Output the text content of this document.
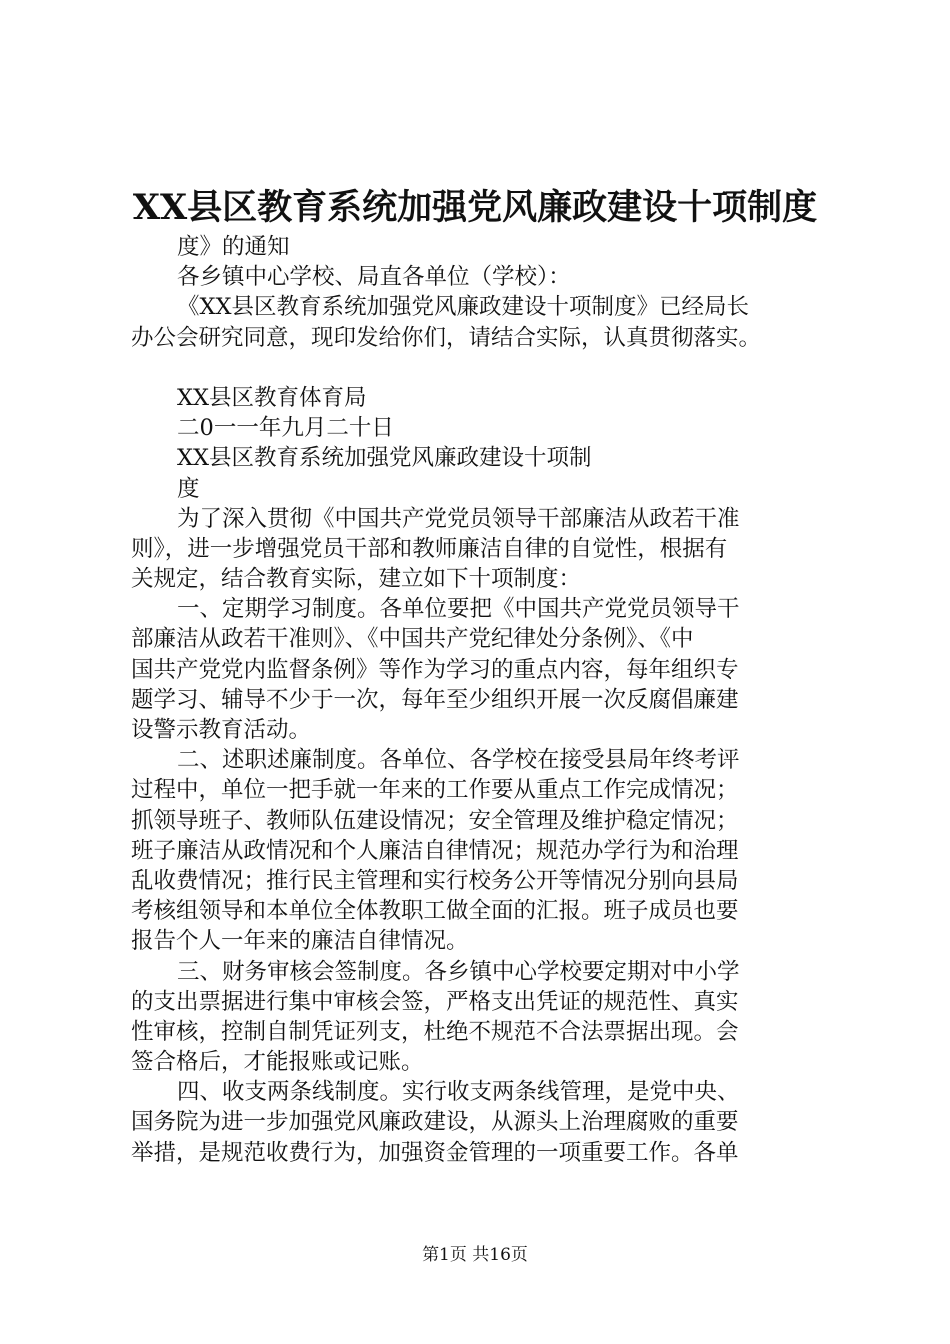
XX县区教育系统加强党风廉政建设十项制度
度》的通知
各乡镇中心学校、局直各单位（学校）：
《XX县区教育系统加强党风廉政建设十项制度》已经局长
办公会研究同意，现印发给你们，请结合实际，认真贯彻落实。
XX县区教育体育局
二0一一年九月二十日
XX县区教育系统加强党风廉政建设十项制
度
为了深入贯彻《中国共产党党员领导干部廉洁从政若干准
则》，进一步增强党员干部和教师廉洁自律的自觉性，根据有
关规定，结合教育实际，建立如下十项制度：
一、定期学习制度。各单位要把《中国共产党党员领导干
部廉洁从政若干准则》、《中国共产党纪律处分条例》、《中
国共产党党内监督条例》等作为学习的重点内容，每年组织专
题学习、辅导不少于一次，每年至少组织开展一次反腐倡廉建
设警示教育活动。
二、述职述廉制度。各单位、各学校在接受县局年终考评
过程中，单位一把手就一年来的工作要从重点工作完成情况；
抓领导班子、教师队伍建设情况；安全管理及维护稳定情况；
班子廉洁从政情况和个人廉洁自律情况；规范办学行为和治理
乱收费情况；推行民主管理和实行校务公开等情况分别向县局
考核组领导和本单位全体教职工做全面的汇报。班子成员也要
报告个人一年来的廉洁自律情况。
三、财务审核会签制度。各乡镇中心学校要定期对中小学
的支出票据进行集中审核会签，严格支出凭证的规范性、真实
性审核，控制自制凭证列支，杜绝不规范不合法票据出现。会
签合格后，才能报账或记账。
四、收支两条线制度。实行收支两条线管理，是党中央、
国务院为进一步加强党风廉政建设，从源头上治理腐败的重要
举措，是规范收费行为，加强资金管理的一项重要工作。各单
第1页 共16页
